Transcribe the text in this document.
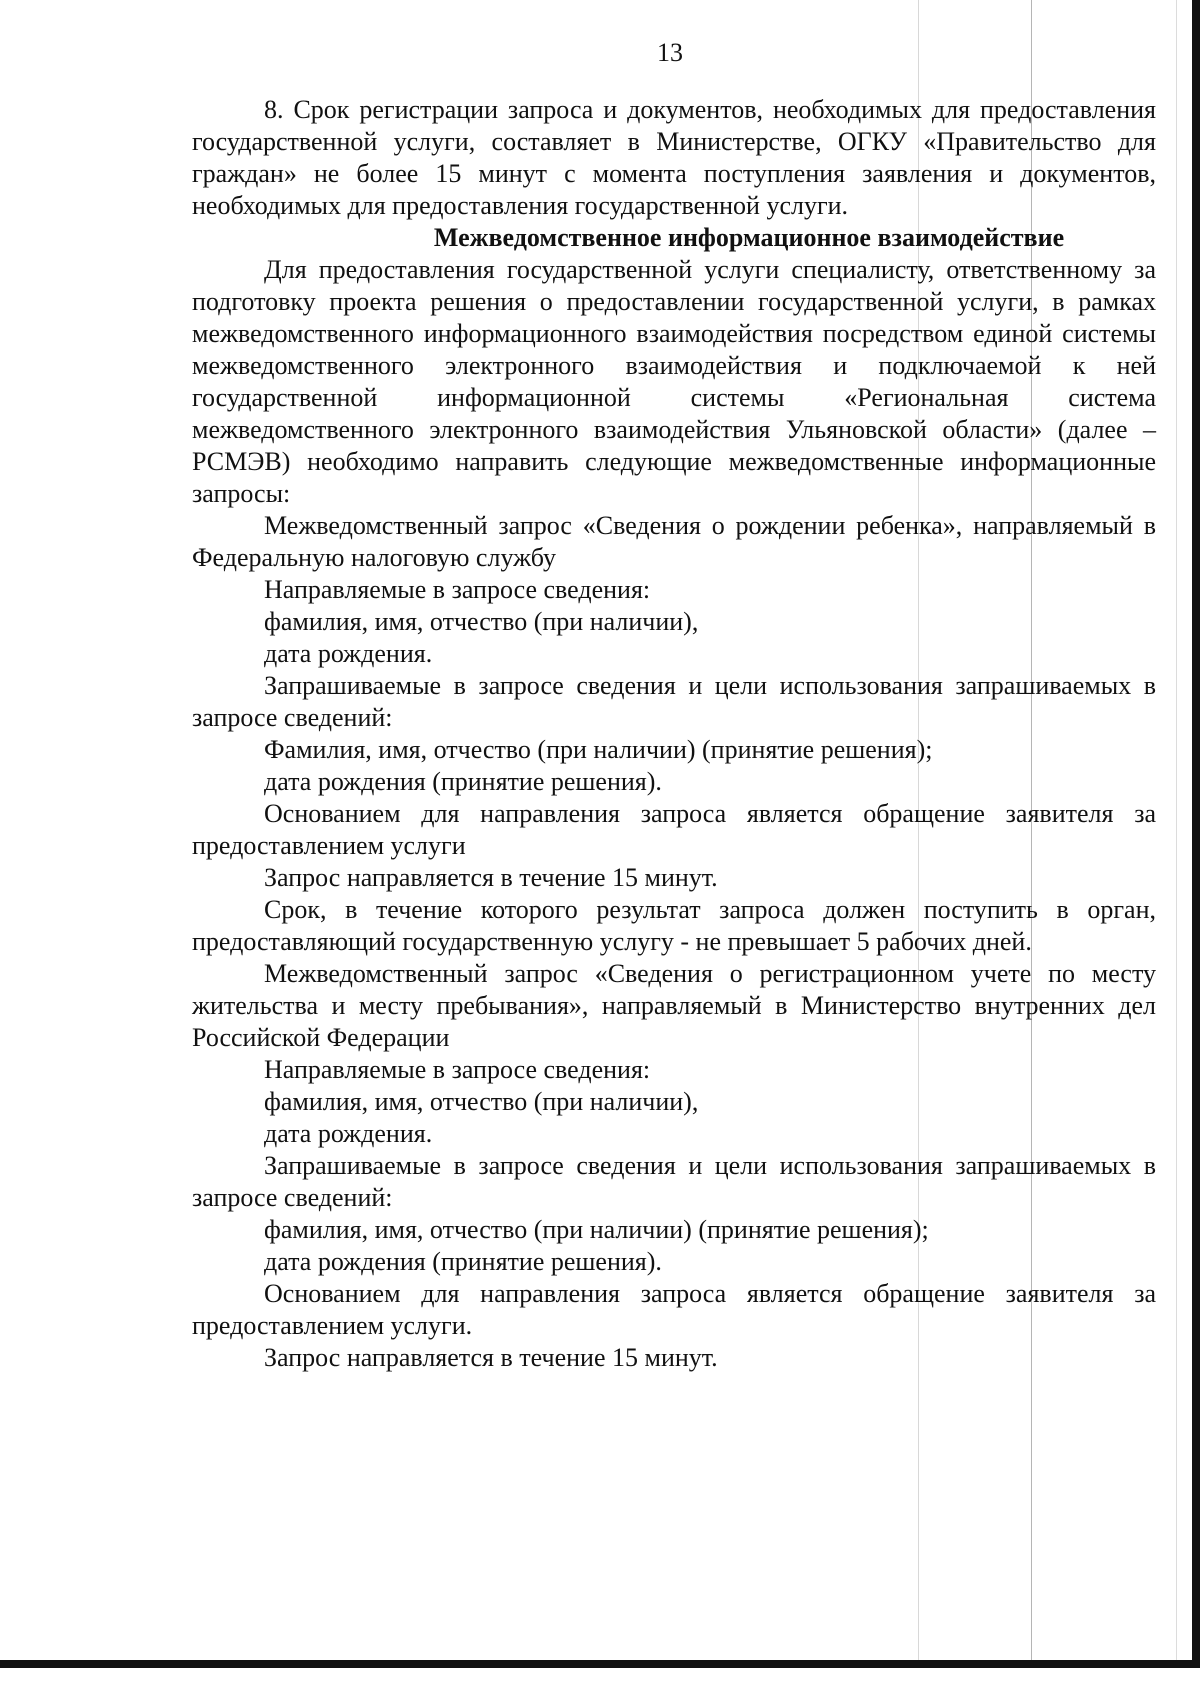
13

8. Срок регистрации запроса и документов, необходимых для предоставления государственной услуги, составляет в Министерстве, ОГКУ «Правительство для граждан» не более 15 минут с момента поступления заявления и документов, необходимых для предоставления государственной услуги.

Межведомственное информационное взаимодействие

Для предоставления государственной услуги специалисту, ответственному за подготовку проекта решения о предоставлении государственной услуги, в рамках межведомственного информационного взаимодействия посредством единой системы межведомственного электронного взаимодействия и подключаемой к ней государственной информационной системы «Региональная система межведомственного электронного взаимодействия Ульяновской области» (далее – РСМЭВ) необходимо направить следующие межведомственные информационные запросы:

Межведомственный запрос «Сведения о рождении ребенка», направляемый в Федеральную налоговую службу

Направляемые в запросе сведения:

фамилия, имя, отчество (при наличии),

дата рождения.

Запрашиваемые в запросе сведения и цели использования запрашиваемых в запросе сведений:

Фамилия, имя, отчество (при наличии) (принятие решения);

дата рождения (принятие решения).

Основанием для направления запроса является обращение заявителя за предоставлением услуги

Запрос направляется в течение 15 минут.

Срок, в течение которого результат запроса должен поступить в орган, предоставляющий государственную услугу - не превышает 5 рабочих дней.

Межведомственный запрос «Сведения о регистрационном учете по месту жительства и месту пребывания», направляемый в Министерство внутренних дел Российской Федерации

Направляемые в запросе сведения:

фамилия, имя, отчество (при наличии),

дата рождения.

Запрашиваемые в запросе сведения и цели использования запрашиваемых в запросе сведений:

фамилия, имя, отчество (при наличии) (принятие решения);

дата рождения (принятие решения).

Основанием для направления запроса является обращение заявителя за предоставлением услуги.

Запрос направляется в течение 15 минут.
